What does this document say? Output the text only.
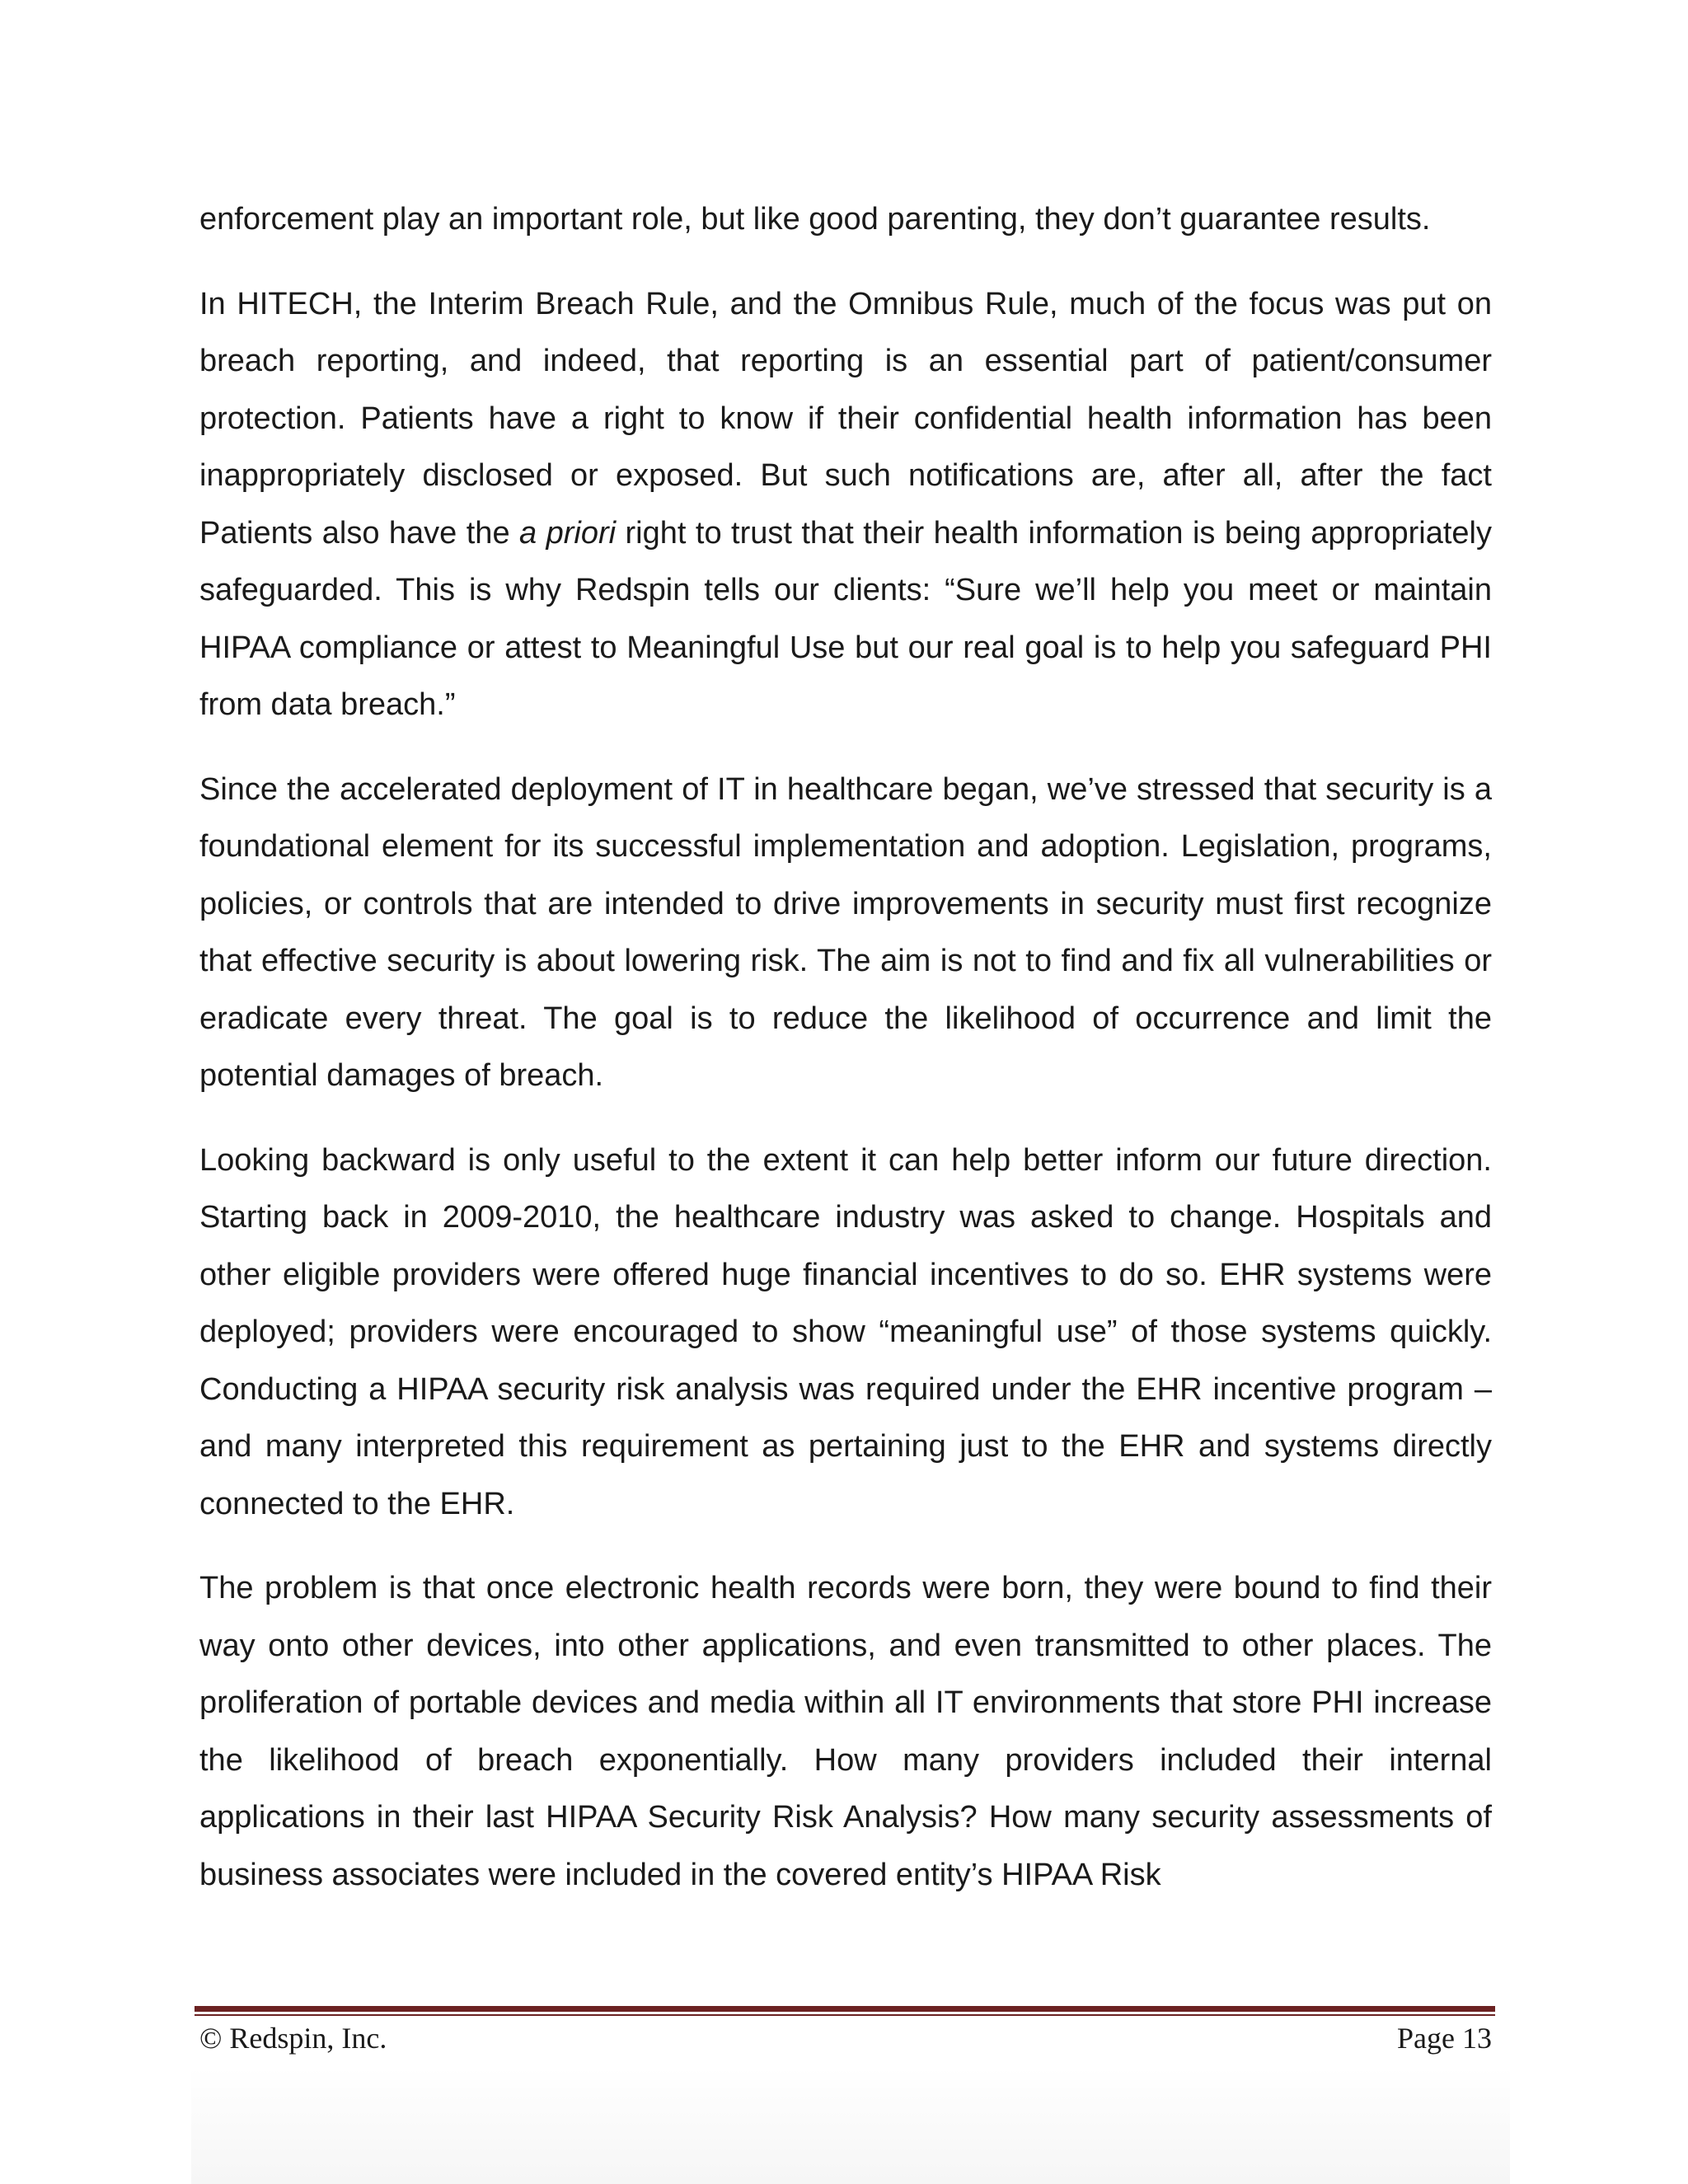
enforcement play an important role, but like good parenting, they don’t guarantee results.

In HITECH, the Interim Breach Rule, and the Omnibus Rule, much of the focus was put on breach reporting, and indeed, that reporting is an essential part of patient/consumer protection. Patients have a right to know if their confidential health information has been inappropriately disclosed or exposed. But such notifications are, after all, after the fact Patients also have the a priori right to trust that their health information is being appropriately safeguarded. This is why Redspin tells our clients: “Sure we’ll help you meet or maintain HIPAA compliance or attest to Meaningful Use but our real goal is to help you safeguard PHI from data breach.”

Since the accelerated deployment of IT in healthcare began, we’ve stressed that security is a foundational element for its successful implementation and adoption. Legislation, programs, policies, or controls that are intended to drive improvements in security must first recognize that effective security is about lowering risk. The aim is not to find and fix all vulnerabilities or eradicate every threat. The goal is to reduce the likelihood of occurrence and limit the potential damages of breach.

Looking backward is only useful to the extent it can help better inform our future direction. Starting back in 2009-2010, the healthcare industry was asked to change. Hospitals and other eligible providers were offered huge financial incentives to do so. EHR systems were deployed; providers were encouraged to show “meaningful use” of those systems quickly. Conducting a HIPAA security risk analysis was required under the EHR incentive program – and many interpreted this requirement as pertaining just to the EHR and systems directly connected to the EHR.

The problem is that once electronic health records were born, they were bound to find their way onto other devices, into other applications, and even transmitted to other places. The proliferation of portable devices and media within all IT environments that store PHI increase the likelihood of breach exponentially. How many providers included their internal applications in their last HIPAA Security Risk Analysis? How many security assessments of business associates were included in the covered entity’s HIPAA Risk

© Redspin, Inc.	Page 13
